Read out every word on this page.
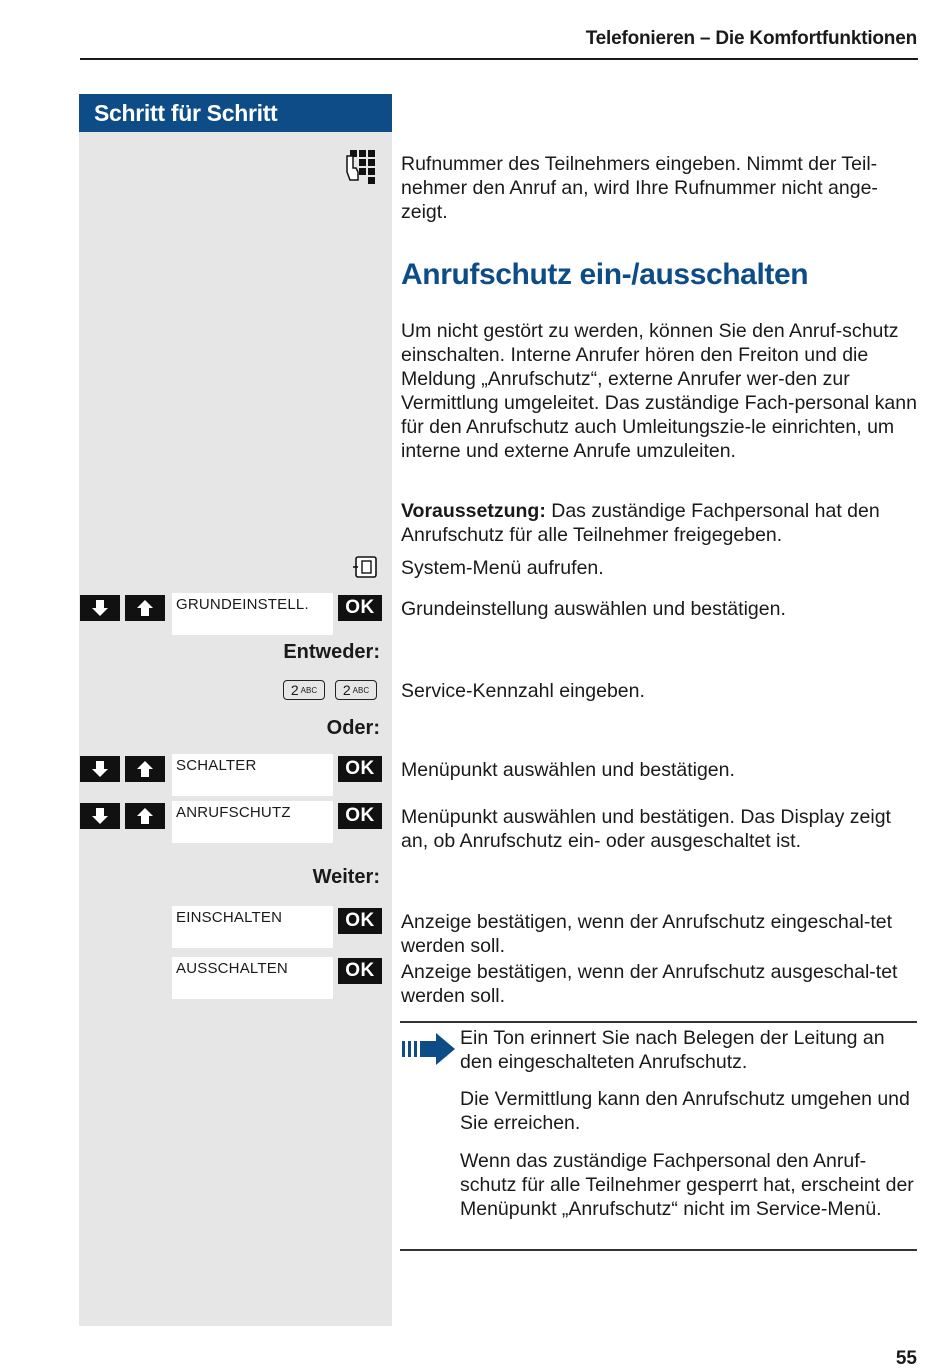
Telefonieren – Die Komfortfunktionen
Schritt für Schritt
Rufnummer des Teilnehmers eingeben. Nimmt der Teil-nehmer den Anruf an, wird Ihre Rufnummer nicht ange-zeigt.
Anrufschutz ein-/ausschalten
Um nicht gestört zu werden, können Sie den Anruf-schutz einschalten. Interne Anrufer hören den Freiton und die Meldung „Anrufschutz“, externe Anrufer wer-den zur Vermittlung umgeleitet. Das zuständige Fach-personal kann für den Anrufschutz auch Umleitungszie-le einrichten, um interne und externe Anrufe umzuleiten.
Voraussetzung: Das zuständige Fachpersonal hat den Anrufschutz für alle Teilnehmer freigegeben.
System-Menü aufrufen.
GRUNDEINSTELL.	OK	Grundeinstellung auswählen und bestätigen.
Entweder:
2 ABC 2 ABC Service-Kennzahl eingeben.
Oder:
SCHALTER	OK	Menüpunkt auswählen und bestätigen.
ANRUFSCHUTZ	OK	Menüpunkt auswählen und bestätigen. Das Display zeigt an, ob Anrufschutz ein- oder ausgeschaltet ist.
Weiter:
EINSCHALTEN	OK	Anzeige bestätigen, wenn der Anrufschutz eingeschal-tet werden soll.
AUSSCHALTEN	OK	Anzeige bestätigen, wenn der Anrufschutz ausgeschal-tet werden soll.
Ein Ton erinnert Sie nach Belegen der Leitung an den eingeschalteten Anrufschutz.
Die Vermittlung kann den Anrufschutz umgehen und Sie erreichen.
Wenn das zuständige Fachpersonal den Anruf-schutz für alle Teilnehmer gesperrt hat, erscheint der Menüpunkt „Anrufschutz“ nicht im Service-Menü.
55
